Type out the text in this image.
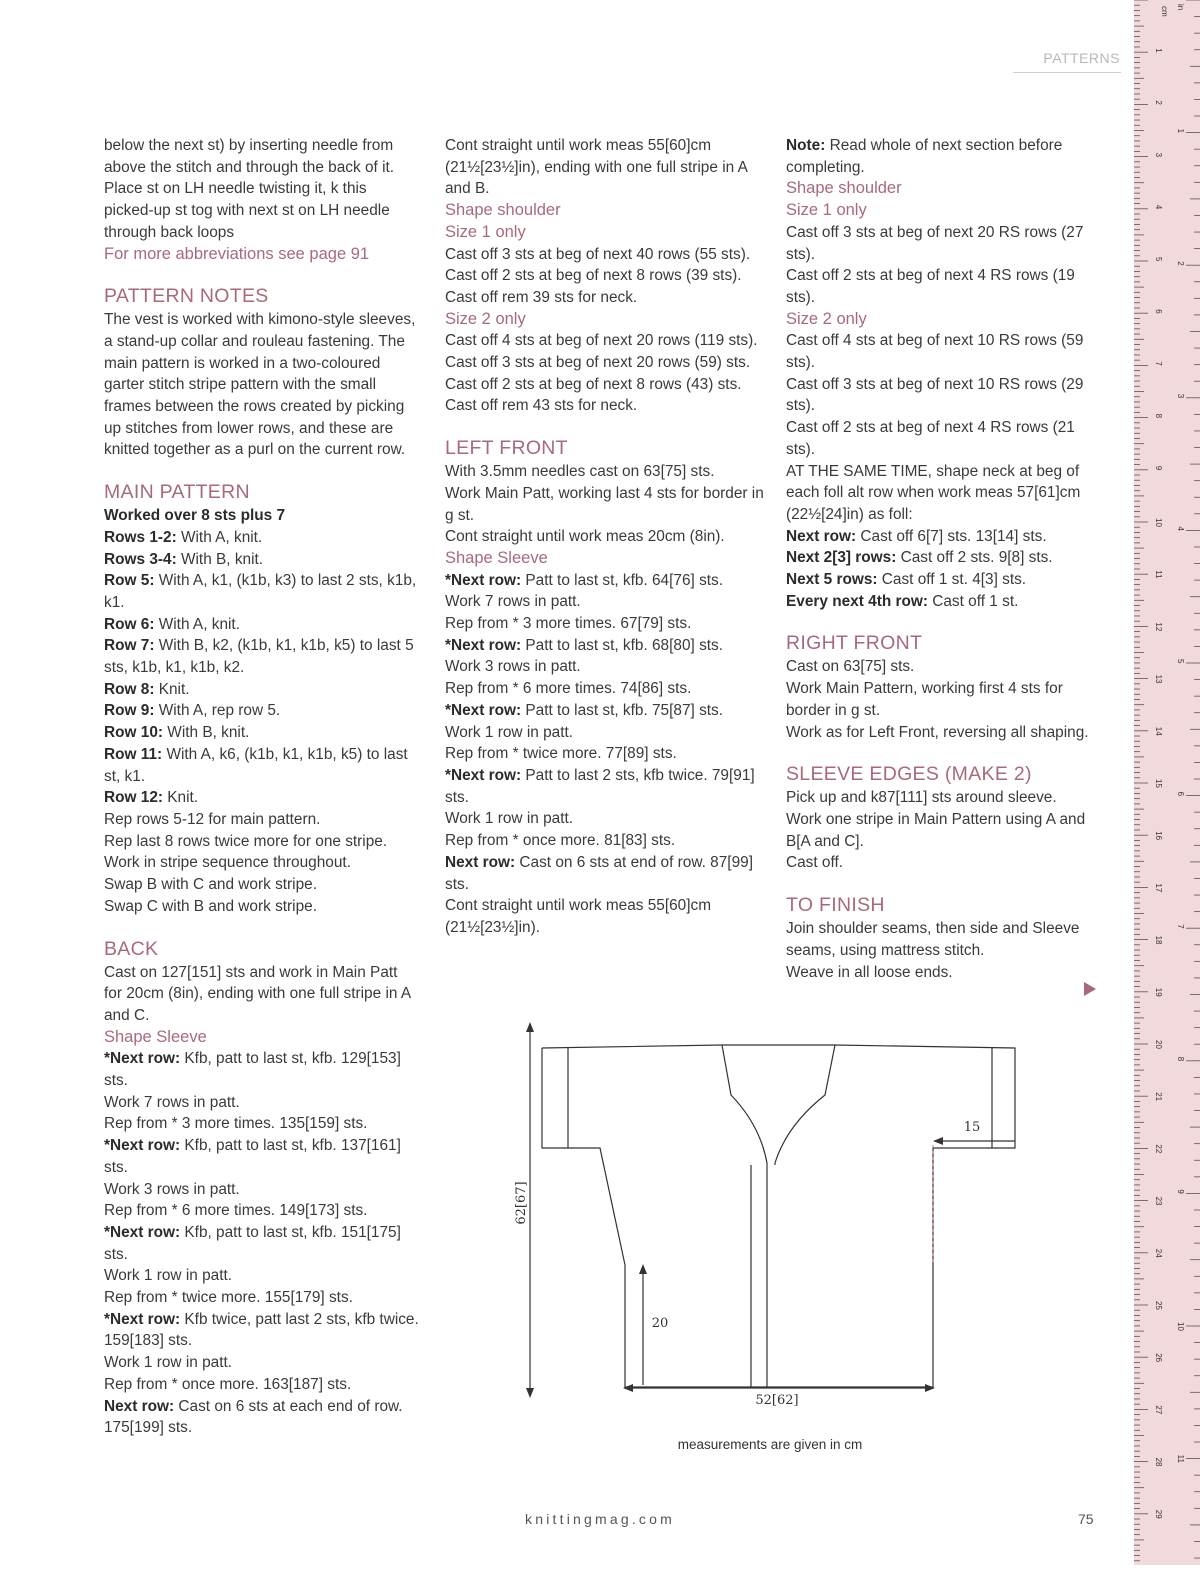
PATTERNS

below the next st) by inserting needle from above the stitch and through the back of it. Place st on LH needle twisting it, k this picked-up st tog with next st on LH needle through back loops

For more abbreviations see page 91

PATTERN NOTES

The vest is worked with kimono-style sleeves, a stand-up collar and rouleau fastening. The main pattern is worked in a two-coloured garter stitch stripe pattern with the small frames between the rows created by picking up stitches from lower rows, and these are knitted together as a purl on the current row.

MAIN PATTERN

Worked over 8 sts plus 7

Rows 1-2: With A, knit.

Rows 3-4: With B, knit.

Row 5: With A, k1, (k1b, k3) to last 2 sts, k1b, k1.

Row 6: With A, knit.

Row 7: With B, k2, (k1b, k1, k1b, k5) to last 5 sts, k1b, k1, k1b, k2.

Row 8: Knit.

Row 9: With A, rep row 5.

Row 10: With B, knit.

Row 11: With A, k6, (k1b, k1, k1b, k5) to last st, k1.

Row 12: Knit.

Rep rows 5-12 for main pattern.

Rep last 8 rows twice more for one stripe.

Work in stripe sequence throughout.

Swap B with C and work stripe.

Swap C with B and work stripe.

BACK

Cast on 127[151] sts and work in Main Patt for 20cm (8in), ending with one full stripe in A and C.

Shape Sleeve

*Next row: Kfb, patt to last st, kfb. 129[153] sts.

Work 7 rows in patt.

Rep from * 3 more times. 135[159] sts.

*Next row: Kfb, patt to last st, kfb. 137[161] sts.

Work 3 rows in patt.

Rep from * 6 more times. 149[173] sts.

*Next row: Kfb, patt to last st, kfb. 151[175] sts.

Work 1 row in patt.

Rep from * twice more. 155[179] sts.

*Next row: Kfb twice, patt last 2 sts, kfb twice. 159[183] sts.

Work 1 row in patt.

Rep from * once more. 163[187] sts.

Next row: Cast on 6 sts at each end of row. 175[199] sts.

Cont straight until work meas 55[60]cm (21½[23½]in), ending with one full stripe in A and B.

Shape shoulder

Size 1 only

Cast off 3 sts at beg of next 40 rows (55 sts).

Cast off 2 sts at beg of next 8 rows (39 sts).

Cast off rem 39 sts for neck.

Size 2 only

Cast off 4 sts at beg of next 20 rows (119 sts).

Cast off 3 sts at beg of next 20 rows (59) sts.

Cast off 2 sts at beg of next 8 rows (43) sts.

Cast off rem 43 sts for neck.

LEFT FRONT

With 3.5mm needles cast on 63[75] sts.

Work Main Patt, working last 4 sts for border in g st.

Cont straight until work meas 20cm (8in).

Shape Sleeve

*Next row: Patt to last st, kfb. 64[76] sts.

Work 7 rows in patt.

Rep from * 3 more times. 67[79] sts.

*Next row: Patt to last st, kfb. 68[80] sts.

Work 3 rows in patt.

Rep from * 6 more times. 74[86] sts.

*Next row: Patt to last st, kfb. 75[87] sts.

Work 1 row in patt.

Rep from * twice more. 77[89] sts.

*Next row: Patt to last 2 sts, kfb twice. 79[91] sts.

Work 1 row in patt.

Rep from * once more. 81[83] sts.

Next row: Cast on 6 sts at end of row. 87[99] sts.

Cont straight until work meas 55[60]cm (21½[23½]in).

Note: Read whole of next section before completing.

Shape shoulder

Size 1 only

Cast off 3 sts at beg of next 20 RS rows (27 sts).

Cast off 2 sts at beg of next 4 RS rows (19 sts).

Size 2 only

Cast off 4 sts at beg of next 10 RS rows (59 sts).

Cast off 3 sts at beg of next 10 RS rows (29 sts).

Cast off 2 sts at beg of next 4 RS rows (21 sts).

AT THE SAME TIME, shape neck at beg of each foll alt row when work meas 57[61]cm (22½[24]in) as foll:

Next row: Cast off 6[7] sts. 13[14] sts.

Next 2[3] rows: Cast off 2 sts. 9[8] sts.

Next 5 rows: Cast off 1 st. 4[3] sts.

Every next 4th row: Cast off 1 st.

RIGHT FRONT

Cast on 63[75] sts.

Work Main Pattern, working first 4 sts for border in g st.

Work as for Left Front, reversing all shaping.

SLEEVE EDGES (MAKE 2)

Pick up and k87[111] sts around sleeve.

Work one stripe in Main Pattern using A and B[A and C].

Cast off.

TO FINISH

Join shoulder seams, then side and Sleeve seams, using mattress stitch.

Weave in all loose ends.

62[67]
52[62]
15
20
measurements are given in cm
knittingmag.com	75
cm in
1
2
3
4
5
6
7
8
9
10
11
12
13
14
15
16
17
18
19
20
21
22
23
24
25
26
27
28
29
1
2
3
4
5
6
7
8
9
10
11
